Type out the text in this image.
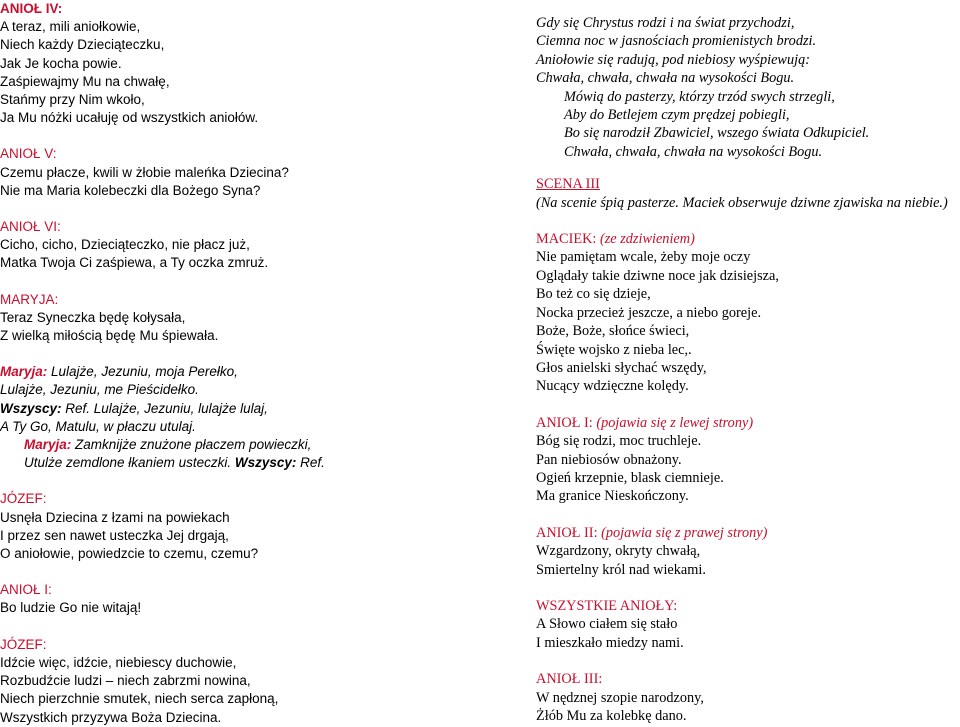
ANIOŁ IV:
A teraz, mili aniołkowie,
Niech każdy Dzieciąteczku,
Jak Je kocha powie.
Zaśpiewajmy Mu na chwałę,
Stańmy przy Nim wkoło,
Ja Mu nóżki ucałuję od wszystkich aniołów.
ANIOŁ V:
Czemu płacze, kwili w żłobie maleńka Dziecina?
Nie ma Maria kolebeczki dla Bożego Syna?
ANIOŁ VI:
Cicho, cicho, Dzieciąteczko, nie płacz już,
Matka Twoja Ci zaśpiewa, a Ty oczka zmruż.
MARYJA:
Teraz Syneczka będę kołysała,
Z wielką miłością będę Mu śpiewała.
Maryja: Lulajże, Jezuniu, moja Perełko,
Lulajże, Jezuniu, me Pieścidełko.
Wszyscy: Ref. Lulajże, Jezuniu, lulajże lulaj,
A Ty Go, Matulu, w płaczu utulaj.
Maryja: Zamknijże znużone płaczem powieczki,
Utulże zemdlone łkaniem usteczki. Wszyscy: Ref.
JÓZEF:
Usnęła Dziecina z łzami na powiekach
I przez sen nawet usteczka Jej drgają,
O aniołowie, powiedzcie to czemu, czemu?
ANIOŁ I:
Bo ludzie Go nie witają!
JÓZEF:
Idźcie więc, idźcie, niebiescy duchowie,
Rozbudźcie ludzi – niech zabrzmi nowina,
Niech pierzchnie smutek, niech serca zapłoną,
Wszystkich przyzywa Boża Dziecina.
Gdy się Chrystus rodzi i na świat przychodzi,
Ciemna noc w jasnościach promienistych brodzi.
Aniołowie się radują, pod niebiosy wyśpiewują:
Chwała, chwała, chwała na wysokości Bogu.
Mówią do pasterzy, którzy trzód swych strzegli,
Aby do Betlejem czym prędzej pobiegli,
Bo się narodził Zbawiciel, wszego świata Odkupiciel.
Chwała, chwała, chwała na wysokości Bogu.
SCENA III
(Na scenie śpią pasterze. Maciek obserwuje dziwne zjawiska na niebie.)
MACIEK: (ze zdziwieniem)
Nie pamiętam wcale, żeby moje oczy
Oglądały takie dziwne noce jak dzisiejsza,
Bo też co się dzieje,
Nocka przecież jeszcze, a niebo goreje.
Boże, Boże, słońce świeci,
Święte wojsko z nieba lec,.
Głos anielski słychać wszędy,
Nucący wdzięczne kolędy.
ANIOŁ I: (pojawia się z lewej strony)
Bóg się rodzi, moc truchleje.
Pan niebiosów obnażony.
Ogień krzepnie, blask ciemnieje.
Ma granice Nieskończony.
ANIOŁ II: (pojawia się z prawej strony)
Wzgardzony, okryty chwałą,
Smiertelny król nad wiekami.
WSZYSTKIE ANIOŁY:
A Słowo ciałem się stało
I mieszkało miedzy nami.
ANIOŁ III:
W nędznej szopie narodzony,
Żłób Mu za kolebkę dano.
